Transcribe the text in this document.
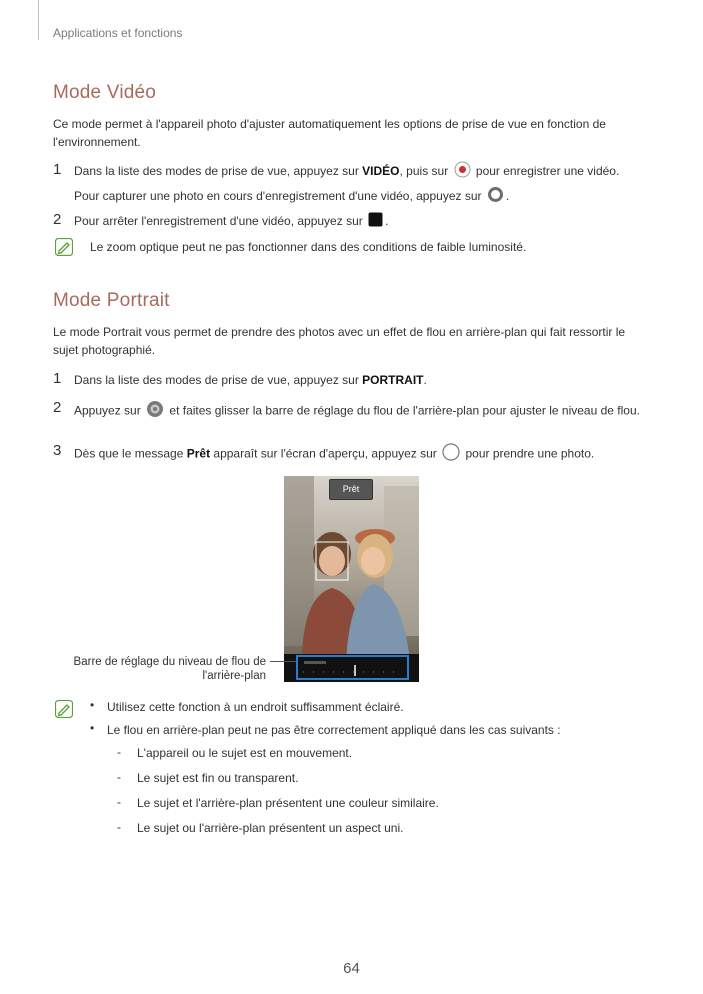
Applications et fonctions
Mode Vidéo
Ce mode permet à l'appareil photo d'ajuster automatiquement les options de prise de vue en fonction de l'environnement.
1 Dans la liste des modes de prise de vue, appuyez sur VIDÉO, puis sur pour enregistrer une vidéo.
Pour capturer une photo en cours d'enregistrement d'une vidéo, appuyez sur .
2 Pour arrêter l'enregistrement d'une vidéo, appuyez sur .
Le zoom optique peut ne pas fonctionner dans des conditions de faible luminosité.
Mode Portrait
Le mode Portrait vous permet de prendre des photos avec un effet de flou en arrière-plan qui fait ressortir le sujet photographié.
1 Dans la liste des modes de prise de vue, appuyez sur PORTRAIT.
2 Appuyez sur et faites glisser la barre de réglage du flou de l'arrière-plan pour ajuster le niveau de flou.
3 Dès que le message Prêt apparaît sur l'écran d'aperçu, appuyez sur pour prendre une photo.
Prêt
Barre de réglage du niveau de flou de
l'arrière-plan
• Utilisez cette fonction à un endroit suffisamment éclairé.
• Le flou en arrière-plan peut ne pas être correctement appliqué dans les cas suivants :
- L'appareil ou le sujet est en mouvement.
- Le sujet est fin ou transparent.
- Le sujet et l'arrière-plan présentent une couleur similaire.
- Le sujet ou l'arrière-plan présentent un aspect uni.
64
